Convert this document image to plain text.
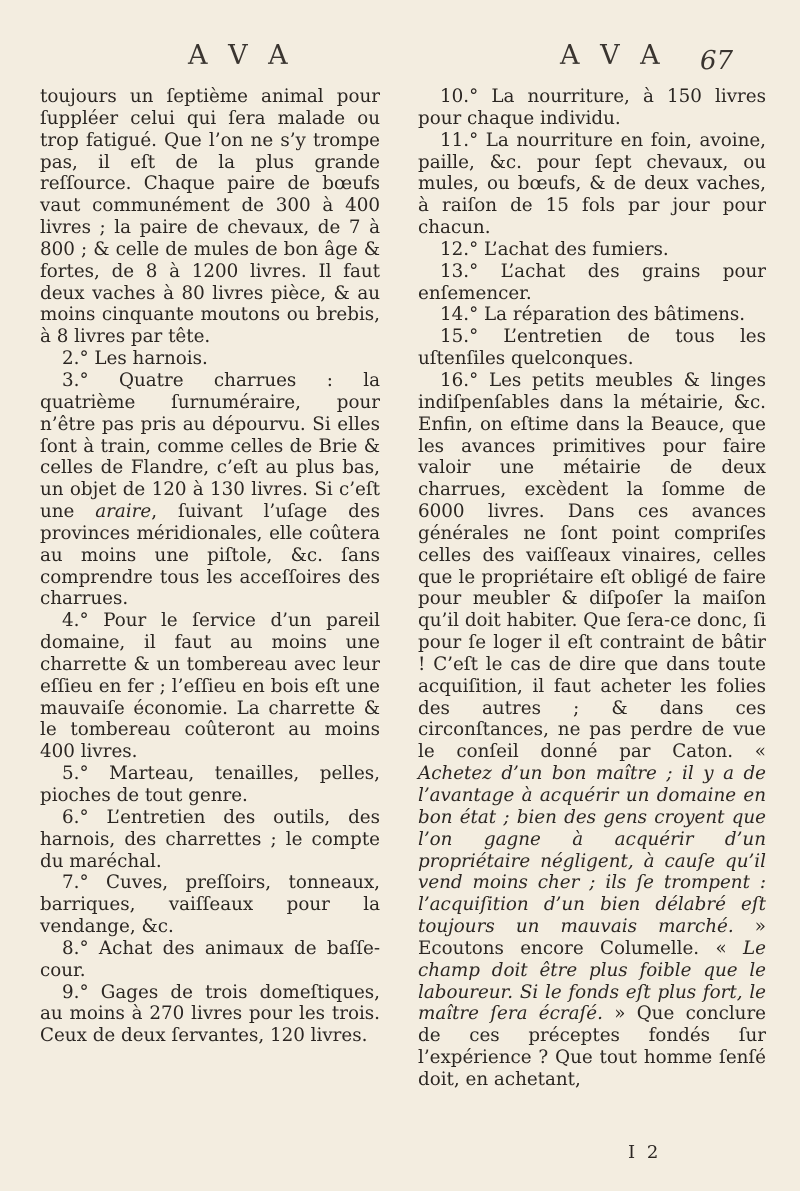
A V A	A V A 67

toujours un ſeptième animal pour ſuppléer celui qui ſera malade ou trop fatigué. Que l’on ne s’y trompe pas, il eſt de la plus grande reſſource. Chaque paire de bœufs vaut communément de 300 à 400 livres ; la paire de chevaux, de 7 à 800 ; & celle de mules de bon âge & fortes, de 8 à 1200 livres. Il faut deux vaches à 80 livres pièce, & au moins cinquante moutons ou brebis, à 8 livres par tête.

2.° Les harnois.

3.° Quatre charrues : la quatrième ſurnuméraire, pour n’être pas pris au dépourvu. Si elles ſont à train, comme celles de Brie & celles de Flandre, c’eſt au plus bas, un objet de 120 à 130 livres. Si c’eſt une araire, ſuivant l’uſage des provinces méridionales, elle coûtera au moins une piſtole, &c. ſans comprendre tous les acceſſoires des charrues.

4.° Pour le ſervice d’un pareil domaine, il faut au moins une charrette & un tombereau avec leur eſſieu en fer ; l’eſſieu en bois eſt une mauvaiſe économie. La charrette & le tombereau coûteront au moins 400 livres.

5.° Marteau, tenailles, pelles, pioches de tout genre.

6.° L’entretien des outils, des harnois, des charrettes ; le compte du maréchal.

7.° Cuves, preſſoirs, tonneaux, barriques, vaiſſeaux pour la vendange, &c.

8.° Achat des animaux de baſſe-cour.

9.° Gages de trois domeſtiques, au moins à 270 livres pour les trois. Ceux de deux ſervantes, 120 livres.

10.° La nourriture, à 150 livres pour chaque individu.

11.° La nourriture en foin, avoine, paille, &c. pour ſept chevaux, ou mules, ou bœufs, & de deux vaches, à raiſon de 15 fols par jour pour chacun.

12.° L’achat des fumiers.

13.° L’achat des grains pour enſemencer.

14.° La réparation des bâtimens.

15.° L’entretien de tous les uſtenſiles quelconques.

16.° Les petits meubles & linges indiſpenſables dans la métairie, &c. Enfin, on eſtime dans la Beauce, que les avances primitives pour faire valoir une métairie de deux charrues, excèdent la ſomme de 6000 livres. Dans ces avances générales ne ſont point compriſes celles des vaiſſeaux vinaires, celles que le propriétaire eſt obligé de faire pour meubler & diſpoſer la maiſon qu’il doit habiter. Que ſera-ce donc, ſi pour ſe loger il eſt contraint de bâtir ! C’eſt le cas de dire que dans toute acquiſition, il faut acheter les folies des autres ; & dans ces circonſtances, ne pas perdre de vue le conſeil donné par Caton. « Achetez d’un bon maître ; il y a de l’avantage à acquérir un domaine en bon état ; bien des gens croyent que l’on gagne à acquérir d’un propriétaire négligent, à cauſe qu’il vend moins cher ; ils ſe trompent : l’acquiſition d’un bien délabré eſt toujours un mauvais marché. » Ecoutons encore Columelle. « Le champ doit être plus foible que le laboureur. Si le fonds eſt plus fort, le maître ſera écraſé. » Que conclure de ces préceptes fondés ſur l’expérience ? Que tout homme ſenſé doit, en achetant,

I 2
